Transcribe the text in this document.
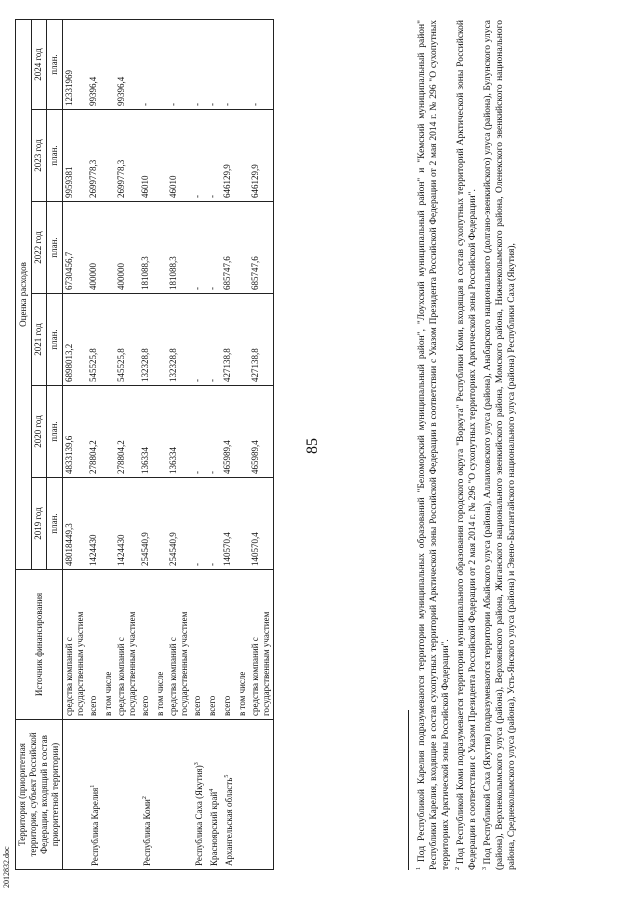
85
2012832.doc
Территория (приоритетная территория, субъект Российской Федерации, входящий в состав приоритетной территории)	Источник финансирования	Оценка расходов					
		2019 год	2020 год	2021 год	2022 год	2023 год	2024 год
		план.	план.	план.	план.	план.	план.
	средства компаний с государственным участием	48018449,3	4833139,6	6898013,2	6730456,7	9959381	12331969
Республика Карелия$^1$	всего	1424430	278804,2	545525,8	400000	2699778,3	99396,4
	в том числе						
	средства компаний с государственным участием	1424430	278804,2	545525,8	400000	2699778,3	99396,4
Республика Коми$^2$	всего	254540,9	136334	132328,8	181088,3	46010	-
	в том числе						
	средства компаний с государственным участием	254540,9	136334	132328,8	181088,3	46010	-
Республика Саха (Якутия)$^3$	всего	-	-	-	-	-	-
Красноярский край$^4$	всего	-	-	-	-	-	-
Архангельская область$^5$	всего	140570,4	465989,4	427138,8	685747,6	646129,9	-
	в том числе						
	средства компаний с государственным участием	140570,4	465989,4	427138,8	685747,6	646129,9	-

$^1$ Под Республикой Карелия подразумеваются территории муниципальных образований "Беломорский муниципальный район", "Лоухский муниципальный район" и "Кемский муниципальный район" Республики Карелия, входящие в состав сухопутных территорий Арктической зоны Российской Федерации в соответствии с Указом Президента Российской Федерации от 2 мая 2014 г. № 296 "О сухопутных территориях Арктической зоны Российской Федерации". $^2$ Под Республикой Коми подразумевается территория муниципального образования городского округа "Воркута" Республики Коми, входящая в состав сухопутных территорий Арктической зоны Российской Федерации в соответствии с Указом Президента Российской Федерации от 2 мая 2014 г. № 296 "О сухопутных территориях Арктической зоны Российской Федерации". $^3$ Под Республикой Саха (Якутия) подразумеваются территории Абыйского улуса (района), Аллаиховского улуса (района), Анабарского национального (долгано-эвенкийского) улуса (района), Булунского улуса (района), Верхнеколымского улуса (района), Верхоянского района, Жиганского национального эвенкийского района, Момского района, Нижнеколымского района, Оленекского эвенкийского национального района, Среднеколымского улуса (района), Усть-Янского улуса (района) и Эвено-Бытантайского национального улуса (района) Республики Саха (Якутия),
